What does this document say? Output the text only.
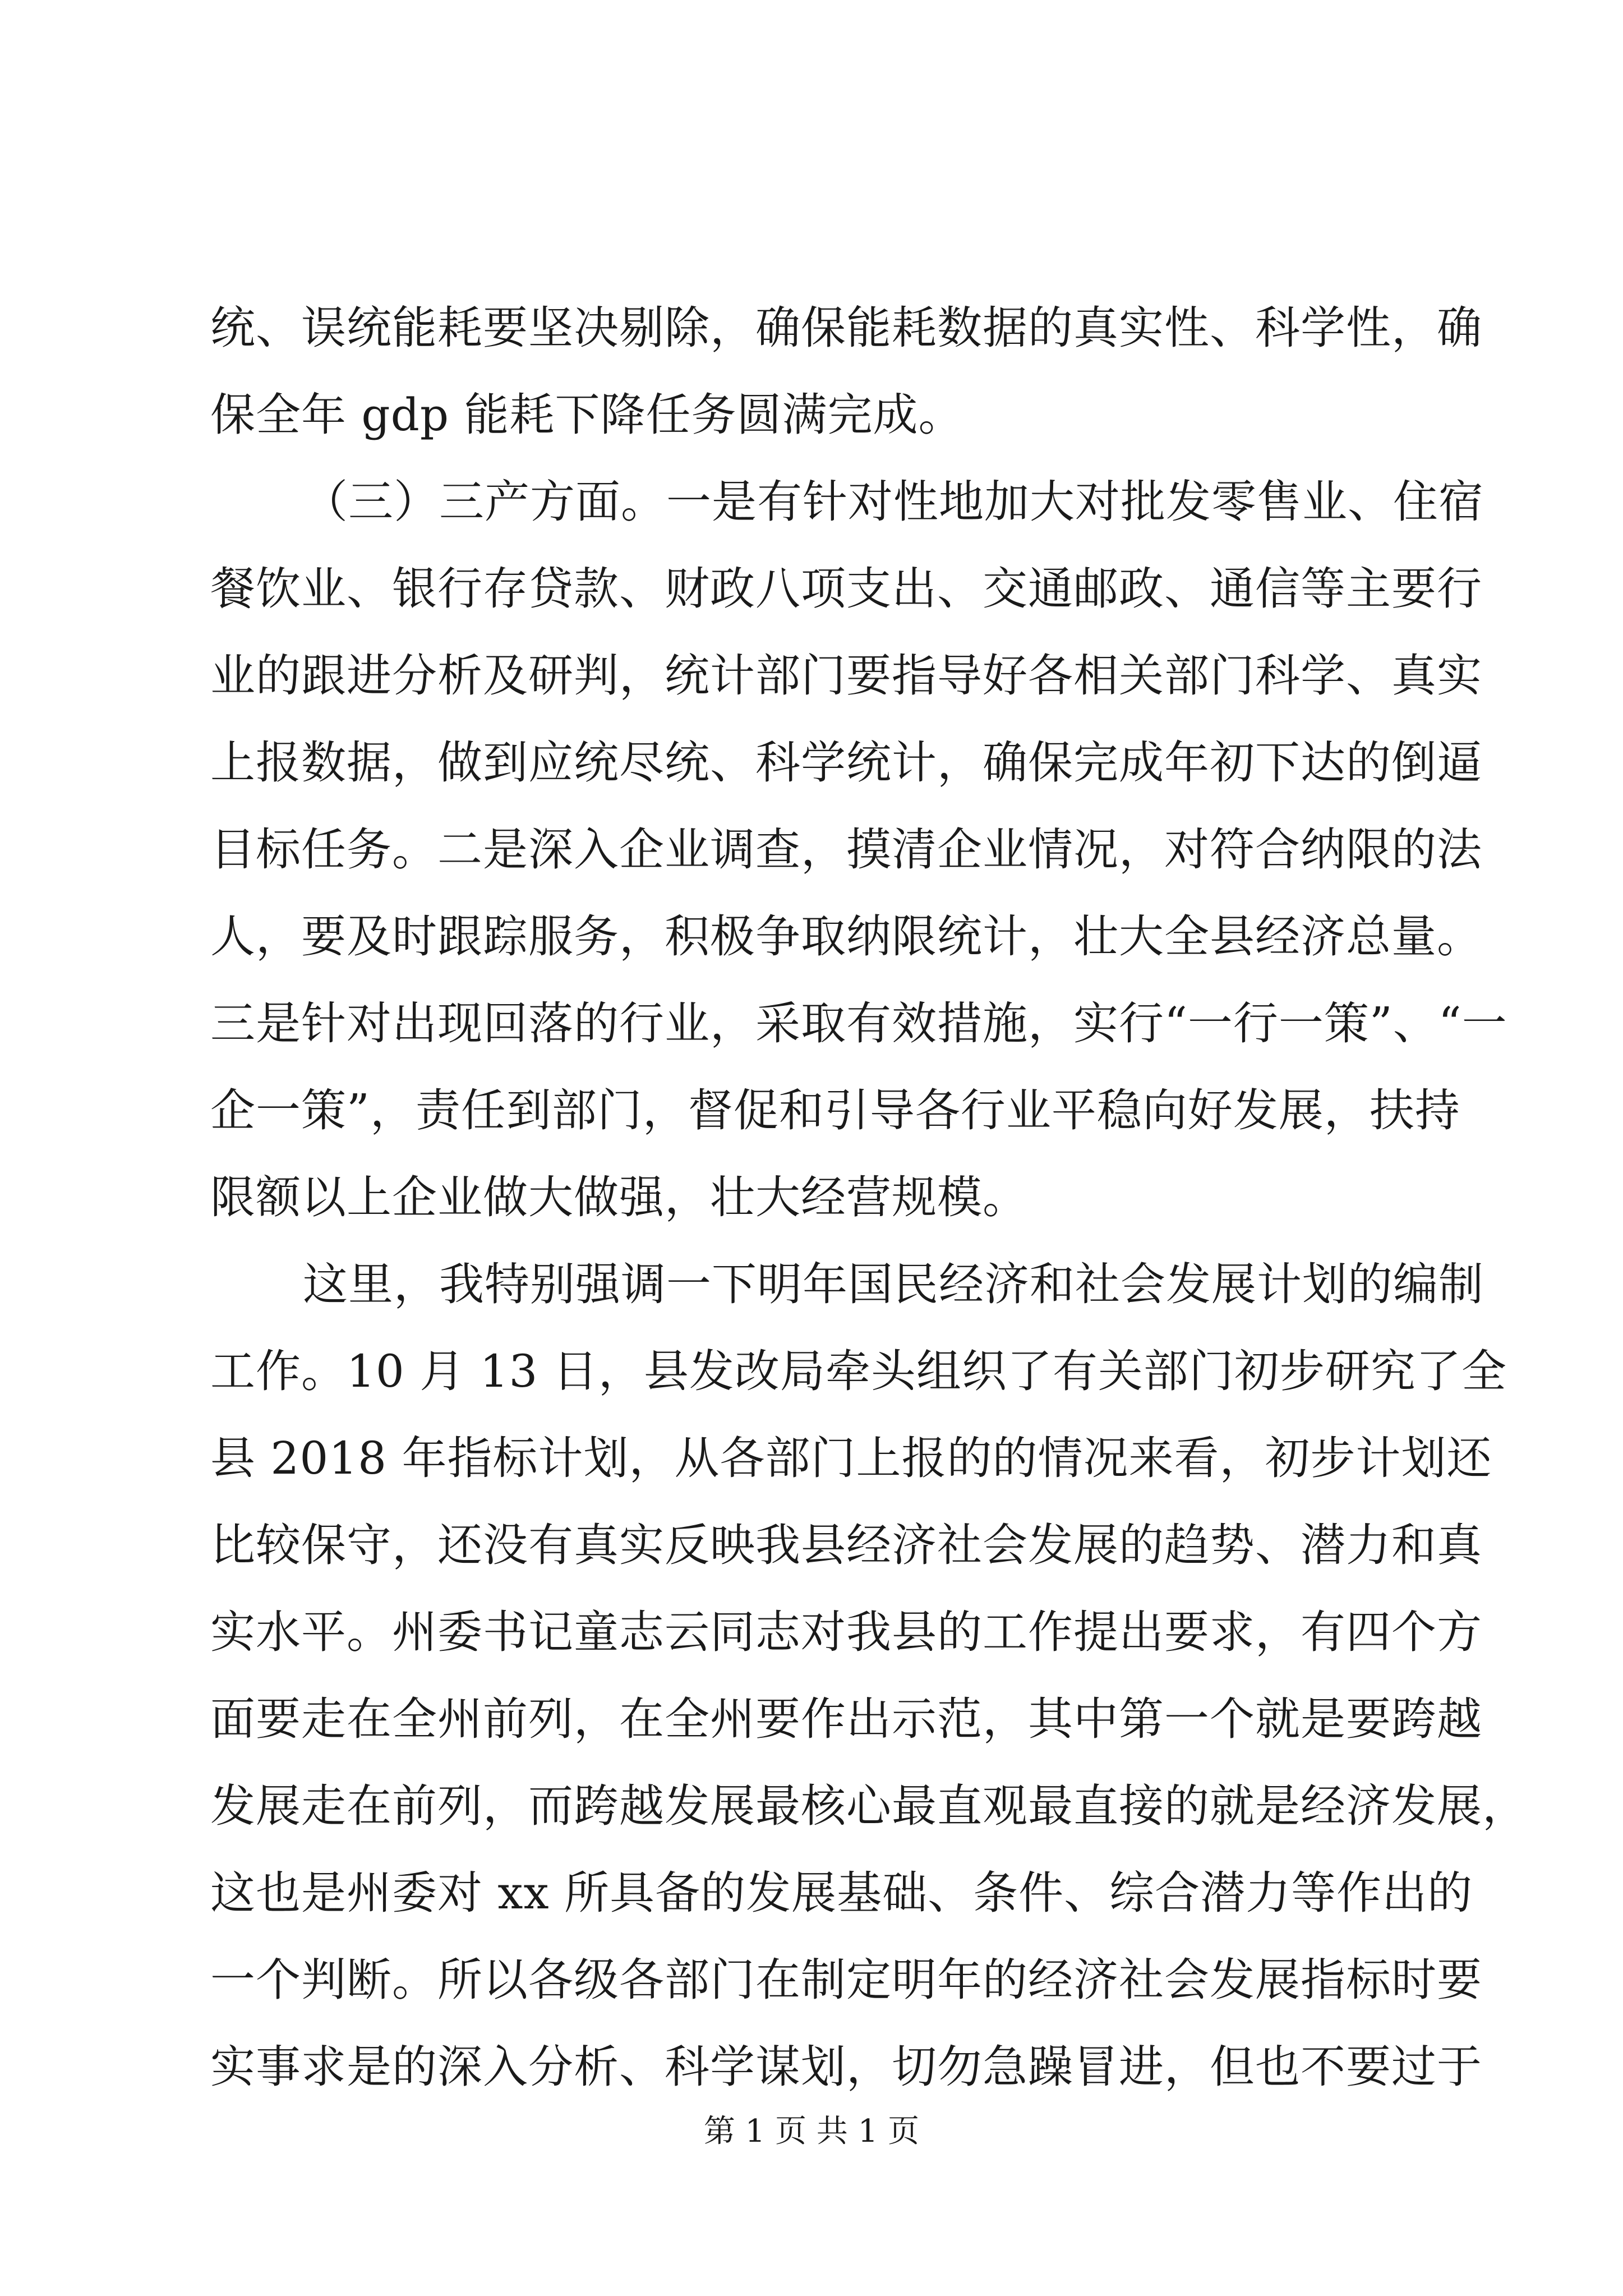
统、误统能耗要坚决剔除，确保能耗数据的真实性、科学性，确
保全年 gdp 能耗下降任务圆满完成。
（三）三产方面。一是有针对性地加大对批发零售业、住宿
餐饮业、银行存贷款、财政八项支出、交通邮政、通信等主要行
业的跟进分析及研判，统计部门要指导好各相关部门科学、真实
上报数据，做到应统尽统、科学统计，确保完成年初下达的倒逼
目标任务。二是深入企业调查，摸清企业情况，对符合纳限的法
人，要及时跟踪服务，积极争取纳限统计，壮大全县经济总量。
三是针对出现回落的行业，采取有效措施，实行“一行一策”、“一
企一策”，责任到部门，督促和引导各行业平稳向好发展，扶持
限额以上企业做大做强，壮大经营规模。
这里，我特别强调一下明年国民经济和社会发展计划的编制
工作。10 月 13 日，县发改局牵头组织了有关部门初步研究了全
县 2018 年指标计划，从各部门上报的的情况来看，初步计划还
比较保守，还没有真实反映我县经济社会发展的趋势、潜力和真
实水平。州委书记童志云同志对我县的工作提出要求，有四个方
面要走在全州前列，在全州要作出示范，其中第一个就是要跨越
发展走在前列，而跨越发展最核心最直观最直接的就是经济发展，
这也是州委对 xx 所具备的发展基础、条件、综合潜力等作出的
一个判断。所以各级各部门在制定明年的经济社会发展指标时要
实事求是的深入分析、科学谋划，切勿急躁冒进，但也不要过于
第 1 页 共 1 页
